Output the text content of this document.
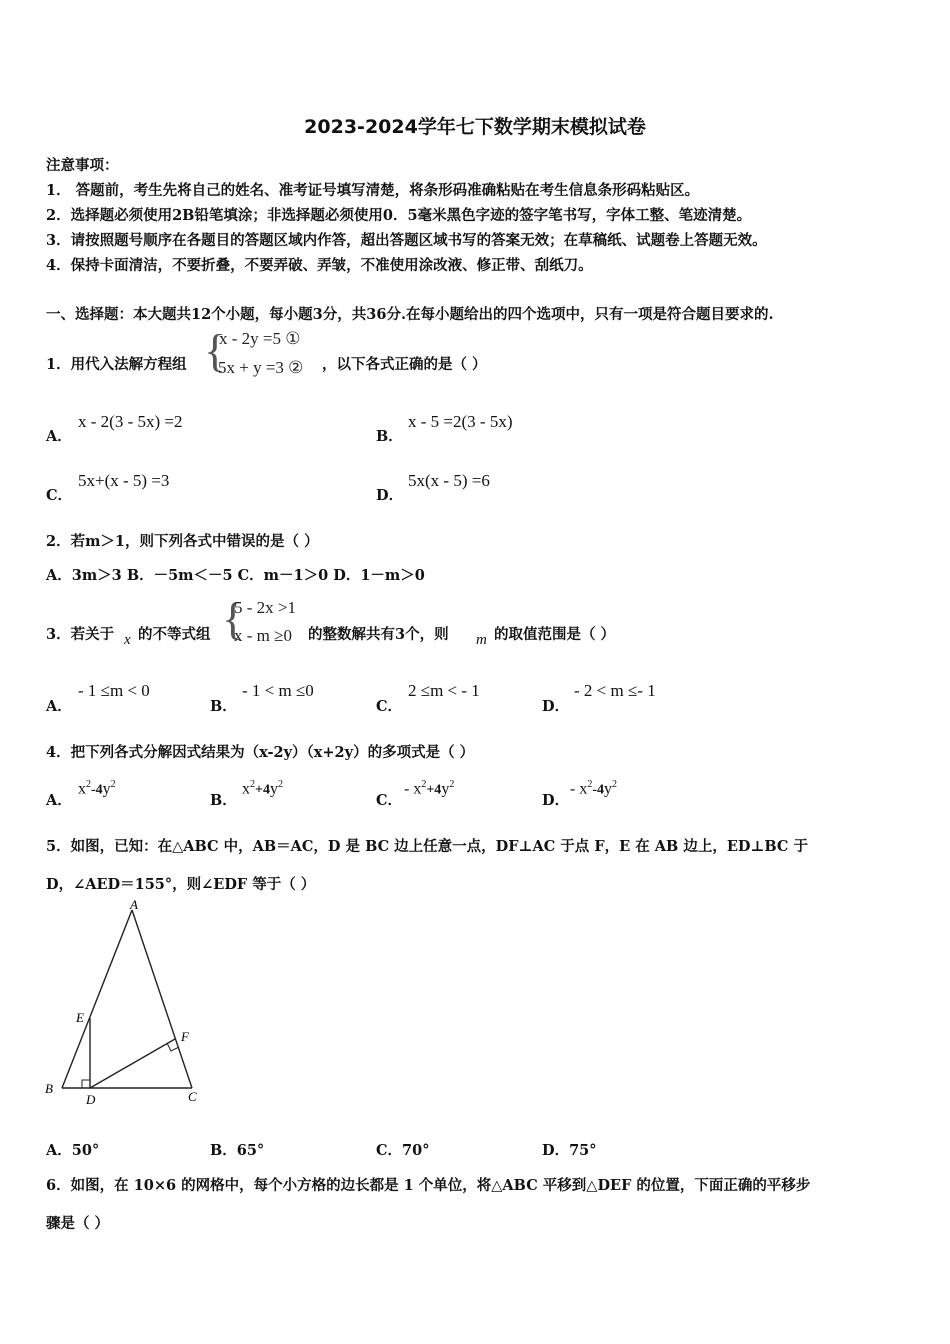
2023-2024学年七下数学期末模拟试卷
注意事项：
1． 答题前，考生先将自己的姓名、准考证号填写清楚，将条形码准确粘贴在考生信息条形码粘贴区。
2．选择题必须使用2B铅笔填涂；非选择题必须使用0．5毫米黑色字迹的签字笔书写，字体工整、笔迹清楚。
3．请按照题号顺序在各题目的答题区域内作答，超出答题区域书写的答案无效；在草稿纸、试题卷上答题无效。
4．保持卡面清洁，不要折叠，不要弄破、弄皱，不准使用涂改液、修正带、刮纸刀。
一、选择题：本大题共12个小题，每小题3分，共36分.在每小题给出的四个选项中，只有一项是符合题目要求的.
1．用代入法解方程组 {
x - 2y =5 ①
5x + y =3 ② ，以下各式正确的是（ ）
A．
x - 2(3 - 5x) =2
B．
x - 5 =2(3 - 5x)
C．
5x+(x - 5) =3
D．
5x(x - 5) =6
2．若m＞1，则下列各式中错误的是（ ）
A．3m＞3 B．－5m＜－5 C．m－1＞0 D．1－m＞0
3．若关于 x 的不等式组 {
5 - 2x >1
x - m ≥0 的整数解共有3个，则 m 的取值范围是（ ）
A．
- 1 ≤m < 0
B．
- 1 < m ≤0
C．
2 ≤m < - 1
D．
- 2 < m ≤- 1
4．把下列各式分解因式结果为（x-2y）（x+2y）的多项式是（ ）
A．
$x^2-4y^2$
B．
$x^2+4y^2$
C．
- $x^2+4y^2$
D．
- $x^2-4y^2$
5．如图，已知：在△ABC 中，AB＝AC，D 是 BC 边上任意一点，DF⊥AC 于点 F，E 在 AB 边上，ED⊥BC 于
D，∠AED＝155°，则∠EDF 等于（ ）
A
B
C
D
E
F
A．50°	B．65°	C．70°	D．75°
6．如图，在 10×6 的网格中，每个小方格的边长都是 1 个单位，将△ABC 平移到△DEF 的位置，下面正确的平移步
骤是（ ）
